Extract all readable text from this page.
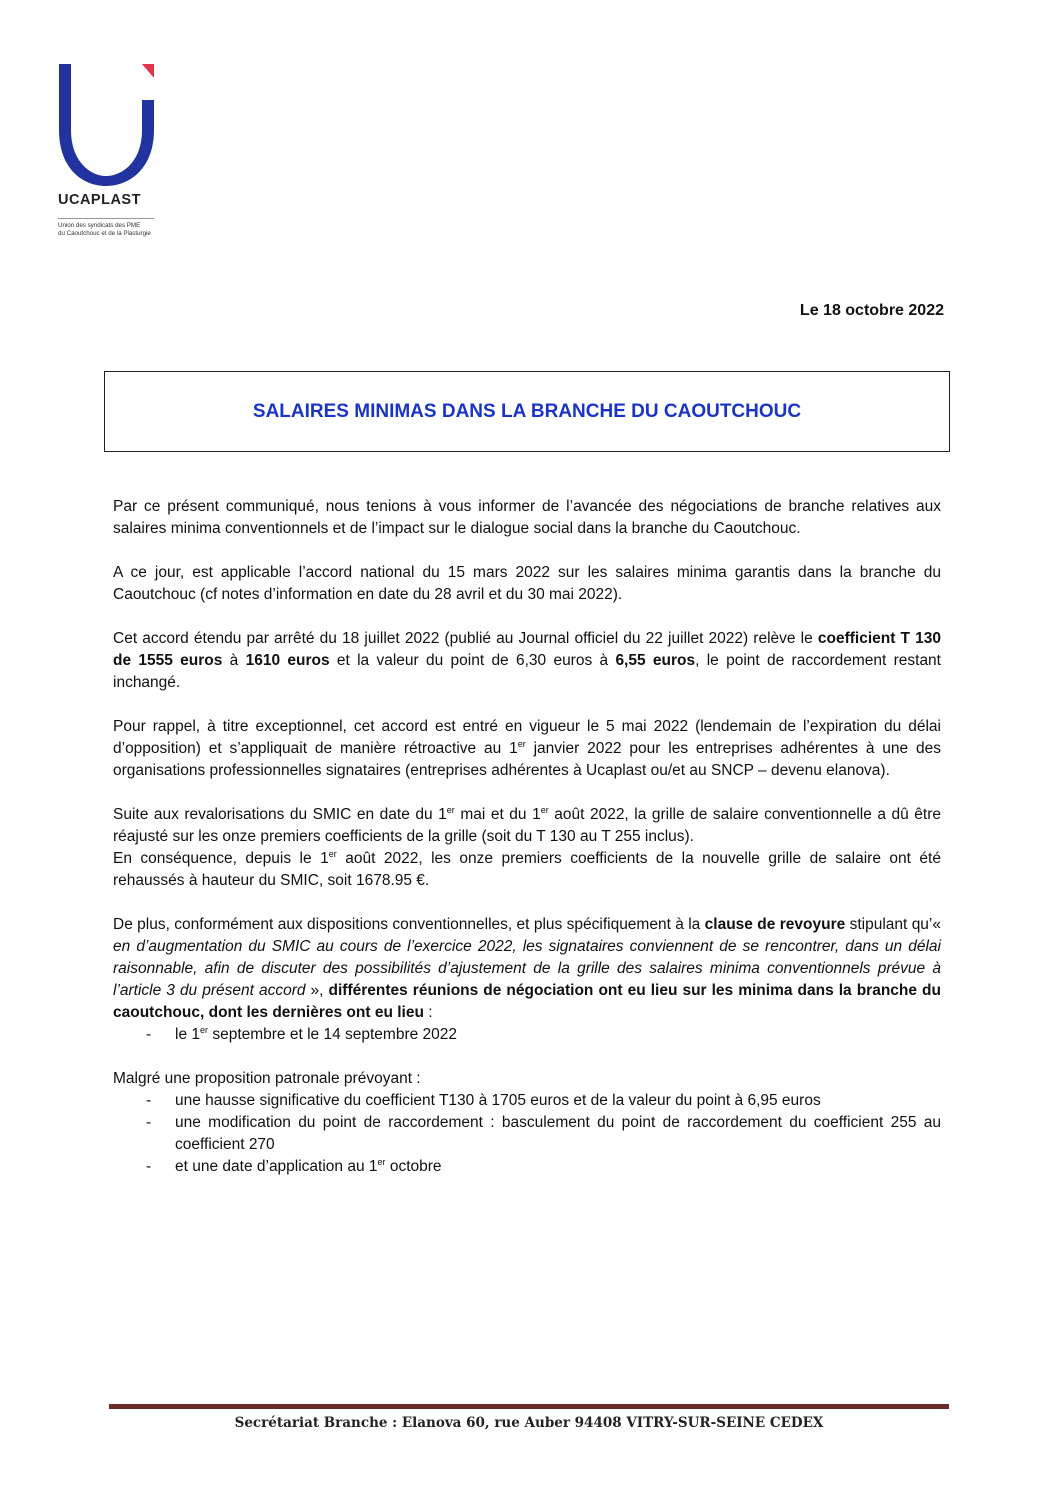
UCAPLAST
Union des syndicats des PME
du Caoutchouc et de la Plasturgie
Le 18 octobre 2022
SALAIRES MINIMAS DANS LA BRANCHE DU CAOUTCHOUC

Par ce présent communiqué, nous tenions à vous informer de l’avancée des négociations de branche relatives aux salaires minima conventionnels et de l’impact sur le dialogue social dans la branche du Caoutchouc.

A ce jour, est applicable l’accord national du 15 mars 2022 sur les salaires minima garantis dans la branche du Caoutchouc (cf notes d’information en date du 28 avril et du 30 mai 2022).

Cet accord étendu par arrêté du 18 juillet 2022 (publié au Journal officiel du 22 juillet 2022) relève le coefficient T 130 de 1555 euros à 1610 euros et la valeur du point de 6,30 euros à 6,55 euros, le point de raccordement restant inchangé.

Pour rappel, à titre exceptionnel, cet accord est entré en vigueur le 5 mai 2022 (lendemain de l’expiration du délai d’opposition) et s’appliquait de manière rétroactive au 1er janvier 2022 pour les entreprises adhérentes à une des organisations professionnelles signataires (entreprises adhérentes à Ucaplast ou/et au SNCP – devenu elanova).

Suite aux revalorisations du SMIC en date du 1er mai et du 1er août 2022, la grille de salaire conventionnelle a dû être réajusté sur les onze premiers coefficients de la grille (soit du T 130 au T 255 inclus).

En conséquence, depuis le 1er août 2022, les onze premiers coefficients de la nouvelle grille de salaire ont été rehaussés à hauteur du SMIC, soit 1678.95 €.

De plus, conformément aux dispositions conventionnelles, et plus spécifiquement à la clause de revoyure stipulant qu’« en d’augmentation du SMIC au cours de l’exercice 2022, les signataires conviennent de se rencontrer, dans un délai raisonnable, afin de discuter des possibilités d’ajustement de la grille des salaires minima conventionnels prévue à l’article 3 du présent accord », différentes réunions de négociation ont eu lieu sur les minima dans la branche du caoutchouc, dont les dernières ont eu lieu :

- le 1er septembre et le 14 septembre 2022

Malgré une proposition patronale prévoyant :

- une hausse significative du coefficient T130 à 1705 euros et de la valeur du point à 6,95 euros
- une modification du point de raccordement : basculement du point de raccordement du coefficient 255 au coefficient 270
- et une date d’application au 1er octobre
Secrétariat Branche : Elanova 60, rue Auber 94408 VITRY-SUR-SEINE CEDEX
